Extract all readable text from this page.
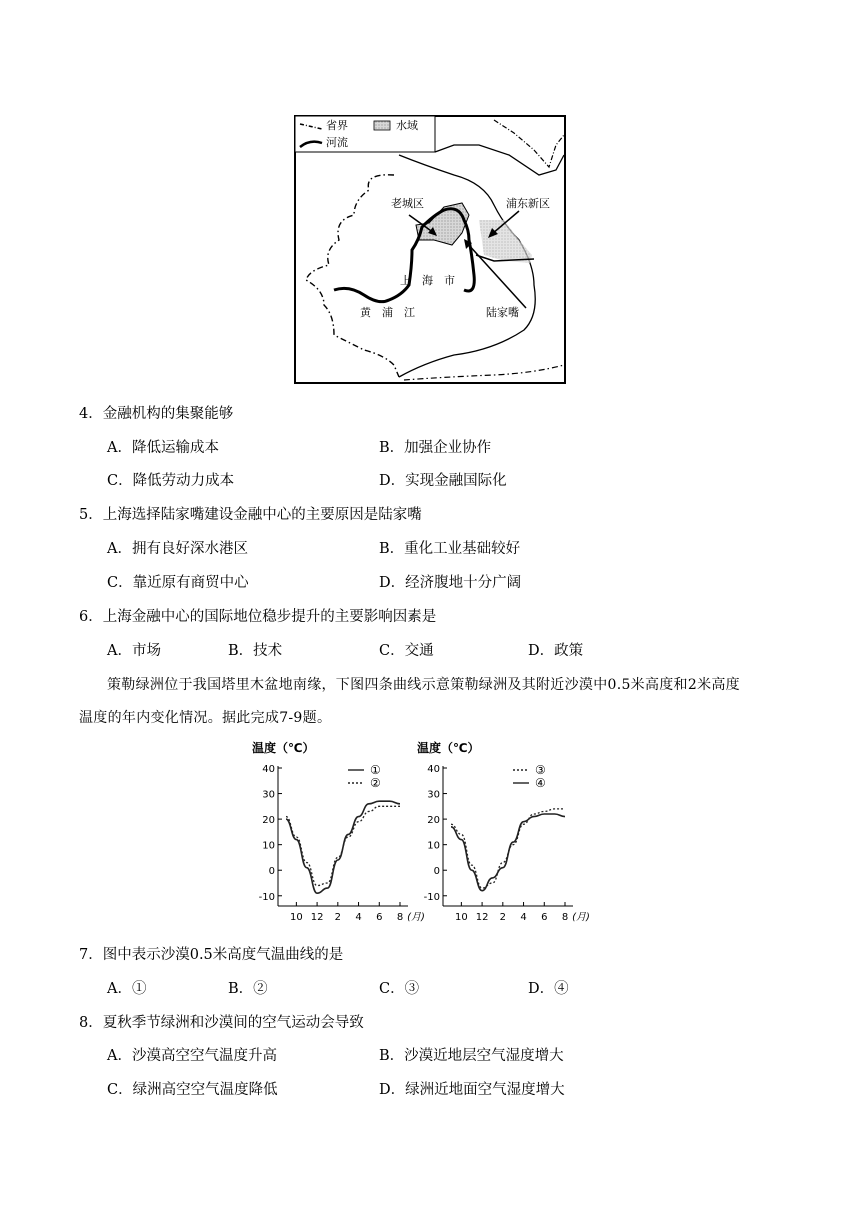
省界	水域
河流
老城区	浦东新区
上　海　市
黄　浦　江	陆家嘴
4．金融机构的集聚能够
A．降低运输成本	B．加强企业协作
C．降低劳动力成本	D．实现金融国际化
5．上海选择陆家嘴建设金融中心的主要原因是陆家嘴
A．拥有良好深水港区	B．重化工业基础较好
C．靠近原有商贸中心	D．经济腹地十分广阔
6．上海金融中心的国际地位稳步提升的主要影响因素是
A．市场	B．技术	C．交通	D．政策
策勒绿洲位于我国塔里木盆地南缘，下图四条曲线示意策勒绿洲及其附近沙漠中0.5米高度和2米高度
温度的年内变化情况。据此完成7-9题。
温度（℃）
40
30
20
10
0
-10
10 12 2 4 6 8 (月)
①
②
温度（℃）
40
30
20
10
0
-10
10 12 2 4 6 8 (月)
③
④
7．图中表示沙漠0.5米高度气温曲线的是
A．①	B．②	C．③	D．④
8．夏秋季节绿洲和沙漠间的空气运动会导致
A．沙漠高空空气温度升高	B．沙漠近地层空气湿度增大
C．绿洲高空空气温度降低	D．绿洲近地面空气湿度增大
